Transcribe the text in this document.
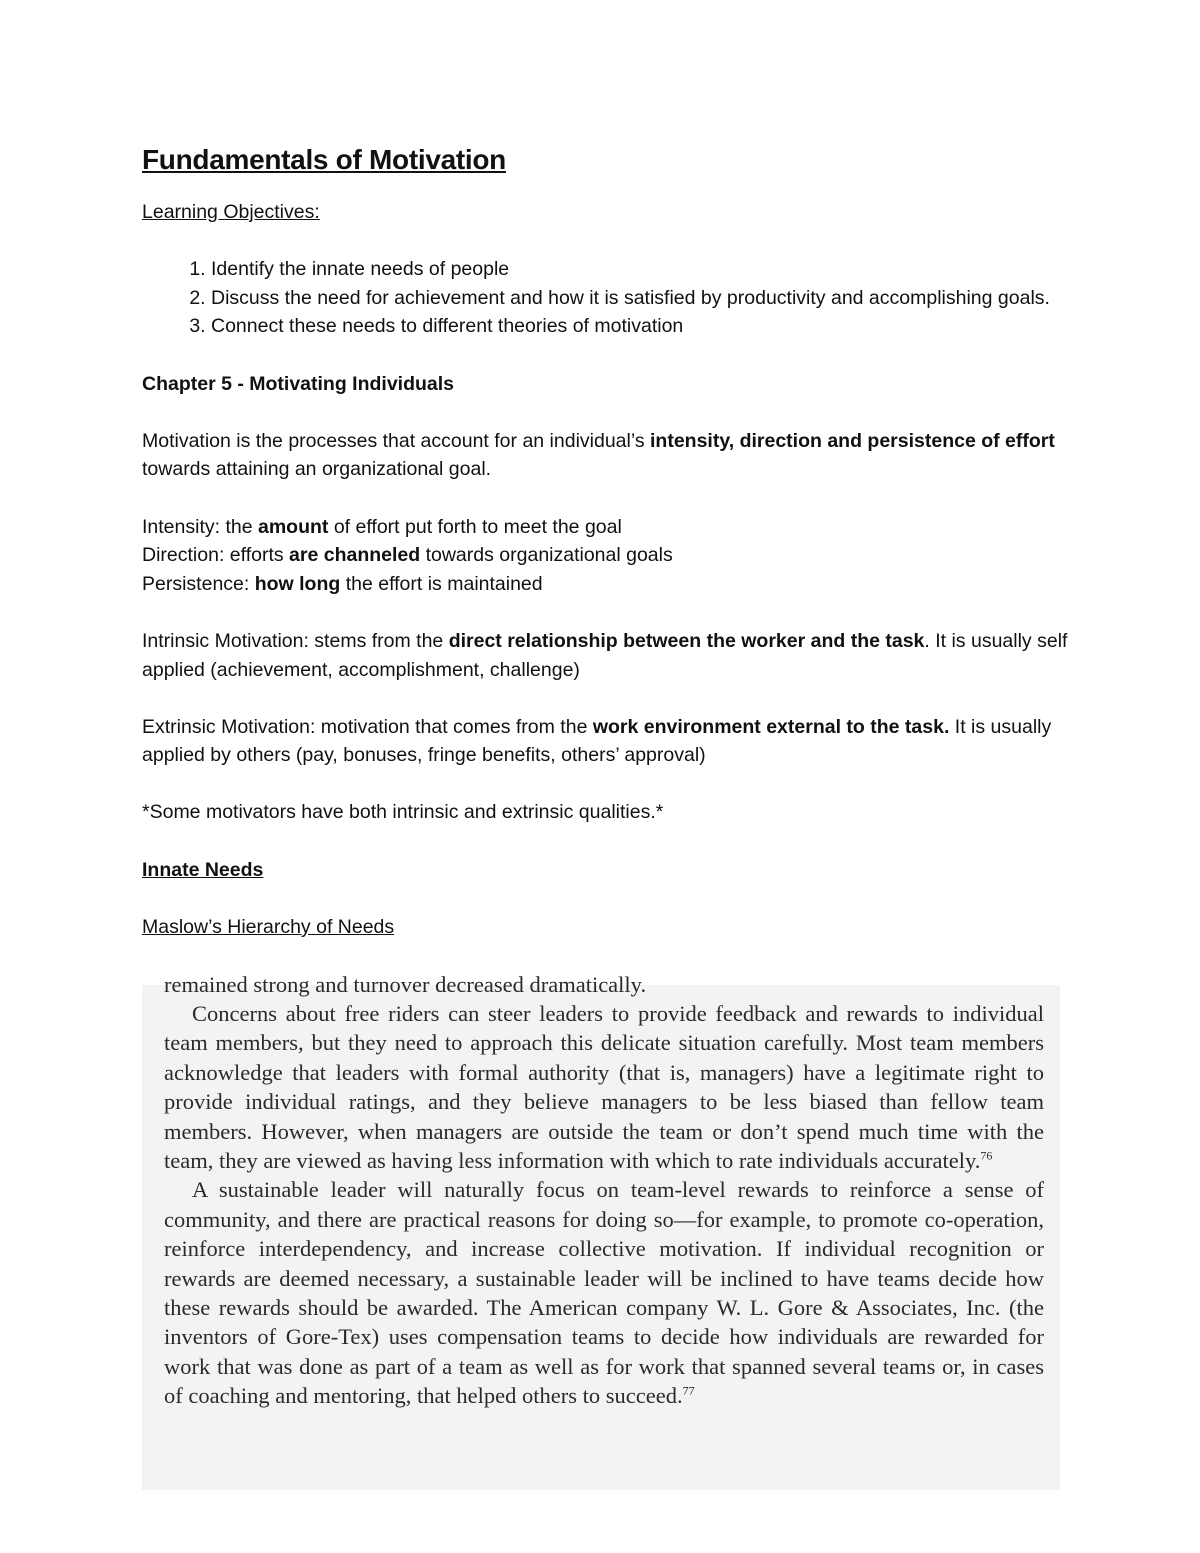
Fundamentals of Motivation

Learning Objectives:

1. Identify the innate needs of people
2. Discuss the need for achievement and how it is satisfied by productivity and accomplishing goals.
3. Connect these needs to different theories of motivation

Chapter 5 - Motivating Individuals

Motivation is the processes that account for an individual’s intensity, direction and persistence of effort towards attaining an organizational goal.

Intensity: the amount of effort put forth to meet the goal

Direction: efforts are channeled towards organizational goals

Persistence: how long the effort is maintained

Intrinsic Motivation: stems from the direct relationship between the worker and the task. It is usually self applied (achievement, accomplishment, challenge)

Extrinsic Motivation: motivation that comes from the work environment external to the task. It is usually applied by others (pay, bonuses, fringe benefits, others’ approval)

*Some motivators have both intrinsic and extrinsic qualities.*

Innate Needs

Maslow’s Hierarchy of Needs

remained strong and turnover decreased dramatically.

Concerns about free riders can steer leaders to provide feedback and rewards to individual team members, but they need to approach this delicate situation carefully. Most team members acknowledge that leaders with formal authority (that is, managers) have a legitimate right to provide individual ratings, and they believe managers to be less biased than fellow team members. However, when managers are outside the team or don’t spend much time with the team, they are viewed as having less information with which to rate individuals accurately.$^{76}$

A sustainable leader will naturally focus on team-level rewards to reinforce a sense of community, and there are practical reasons for doing so—for example, to promote co-operation, reinforce interdependency, and increase collective motivation. If individual recognition or rewards are deemed necessary, a sustainable leader will be inclined to have teams decide how these rewards should be awarded. The American company W. L. Gore & Associates, Inc. (the inventors of Gore-Tex) uses compensation teams to decide how individuals are rewarded for work that was done as part of a team as well as for work that spanned several teams or, in cases of coaching and mentoring, that helped others to succeed.$^{77}$
